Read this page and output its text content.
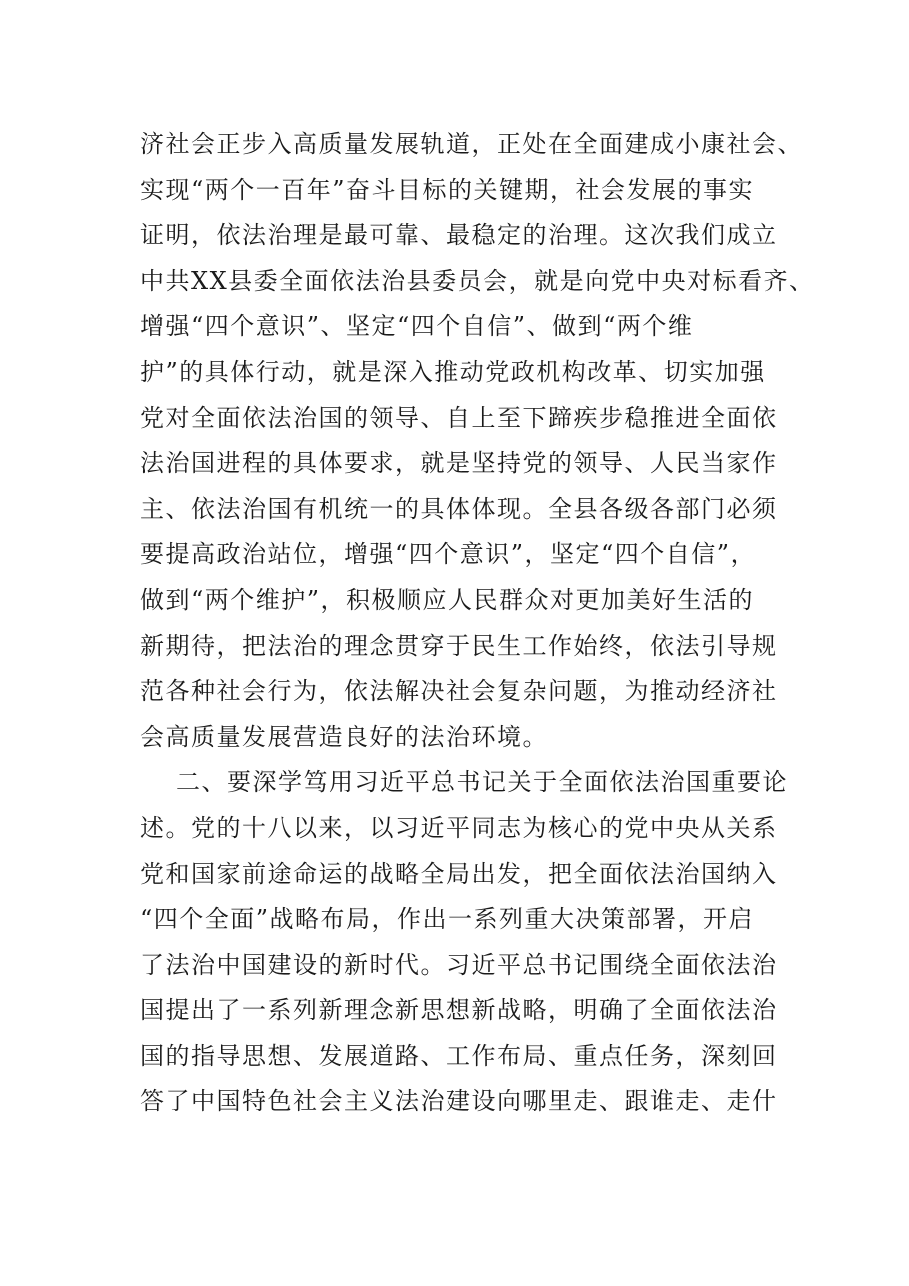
济社会正步入高质量发展轨道，正处在全面建成小康社会、
实现“两个一百年”奋斗目标的关键期，社会发展的事实
证明，依法治理是最可靠、最稳定的治理。这次我们成立
中共XX县委全面依法治县委员会，就是向党中央对标看齐、
增强“四个意识”、坚定“四个自信”、做到“两个维
护”的具体行动，就是深入推动党政机构改革、切实加强
党对全面依法治国的领导、自上至下蹄疾步稳推进全面依
法治国进程的具体要求，就是坚持党的领导、人民当家作
主、依法治国有机统一的具体体现。全县各级各部门必须
要提高政治站位，增强“四个意识”，坚定“四个自信”，
做到“两个维护”，积极顺应人民群众对更加美好生活的
新期待，把法治的理念贯穿于民生工作始终，依法引导规
范各种社会行为，依法解决社会复杂问题，为推动经济社
会高质量发展营造良好的法治环境。
二、要深学笃用习近平总书记关于全面依法治国重要论
述。党的十八以来，以习近平同志为核心的党中央从关系
党和国家前途命运的战略全局出发，把全面依法治国纳入
“四个全面”战略布局，作出一系列重大决策部署，开启
了法治中国建设的新时代。习近平总书记围绕全面依法治
国提出了一系列新理念新思想新战略，明确了全面依法治
国的指导思想、发展道路、工作布局、重点任务，深刻回
答了中国特色社会主义法治建设向哪里走、跟谁走、走什
